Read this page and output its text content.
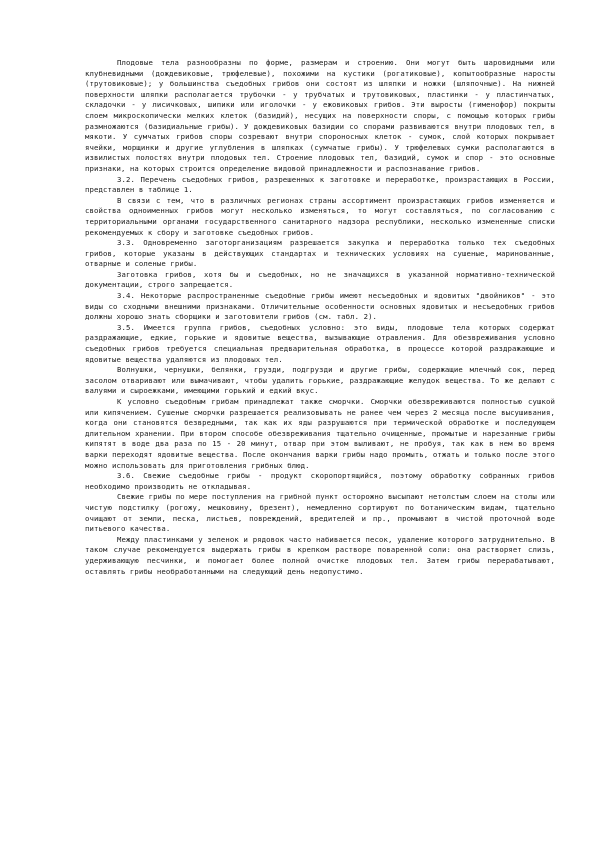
Плодовые тела разнообразны по форме, размерам и строению. Они могут быть шаровидными или клубневидными (дождевиковые, трюфелевые), похожими на кустики (рогатиковые), копытообразные наросты (трутовиковые); у большинства съедобных грибов они состоят из шляпки и ножки (шляпочные). На нижней поверхности шляпки располагается трубочки - у трубчатых и трутовиковых, пластинки - у пластинчатых, складочки - у лисичковых, шипики или иголочки - у ежовиковых грибов. Эти выросты (гименофор) покрыты слоем микроскопически мелких клеток (базидий), несущих на поверхности споры, с помощью которых грибы размножаются (базидиальные грибы). У дождевиковых базидии со спорами развиваются внутри плодовых тел, в мякоти. У сумчатых грибов споры созревают внутри спороносных клеток - сумок, слой которых покрывает ячейки, морщинки и другие углубления в шляпках (сумчатые грибы). У трюфелевых сумки располагаются в извилистых полостях внутри плодовых тел. Строение плодовых тел, базидий, сумок и спор - это основные признаки, на которых строится определение видовой принадлежности и распознавание грибов.

3.2. Перечень съедобных грибов, разрешенных к заготовке и переработке, произрастающих в России, представлен в таблице 1.

В связи с тем, что в различных регионах страны ассортимент произрастающих грибов изменяется и свойства одноименных грибов могут несколько изменяться, то могут составляться, по согласованию с территориальными органами государственного санитарного надзора республики, несколько измененные списки рекомендуемых к сбору и заготовке съедобных грибов.

3.3. Одновременно заготорганизациям разрешается закупка и переработка только тех съедобных грибов, которые указаны в действующих стандартах и технических условиях на сушеные, маринованные, отварные и соленые грибы.

Заготовка грибов, хотя бы и съедобных, но не значащихся в указанной нормативно-технической документации, строго запрещается.

3.4. Некоторые распространенные съедобные грибы имеют несъедобных и ядовитых "двойников" - это виды со сходными внешними признаками. Отличительные особенности основных ядовитых и несъедобных грибов должны хорошо знать сборщики и заготовители грибов (см. табл. 2).

3.5. Имеется группа грибов, съедобных условно: это виды, плодовые тела которых содержат раздражающие, едкие, горькие и ядовитые вещества, вызывающие отравления. Для обезвреживания условно съедобных грибов требуется специальная предварительная обработка, в процессе которой раздражающие и ядовитые вещества удаляются из плодовых тел.

Волнушки, чернушки, белянки, грузди, подгрузди и другие грибы, содержащие млечный сок, перед засолом отваривают или вымачивают, чтобы удалить горькие, раздражающие желудок вещества. То же делают с валуями и сыроежками, имеющими горький и едкий вкус.

К условно съедобным грибам принадлежат также сморчки. Сморчки обезвреживаются полностью сушкой или кипячением. Сушеные сморчки разрешается реализовывать не ранее чем через 2 месяца после высушивания, когда они становятся безвредными, так как их яды разрушаются при термической обработке и последующем длительном хранении. При втором способе обезвреживания тщательно очищенные, промытые и нарезанные грибы кипятят в воде два раза по 15 - 20 минут, отвар при этом выливают, не пробуя, так как в нем во время варки переходят ядовитые вещества. После окончания варки грибы надо промыть, отжать и только после этого можно использовать для приготовления грибных блюд.

3.6. Свежие съедобные грибы - продукт скоропортящийся, поэтому обработку собранных грибов необходимо производить не откладывая.

Свежие грибы по мере поступления на грибной пункт осторожно высыпают нетолстым слоем на столы или чистую подстилку (рогожу, мешковину, брезент), немедленно сортируют по ботаническим видам, тщательно очищают от земли, песка, листьев, повреждений, вредителей и пр., промывают в чистой проточной воде питьевого качества.

Между пластинками у зеленок и рядовок часто набивается песок, удаление которого затруднительно. В таком случае рекомендуется выдержать грибы в крепком растворе поваренной соли: она растворяет слизь, удерживающую песчинки, и помогает более полной очистке плодовых тел. Затем грибы перерабатывают, оставлять грибы необработанными на следующий день недопустимо.
